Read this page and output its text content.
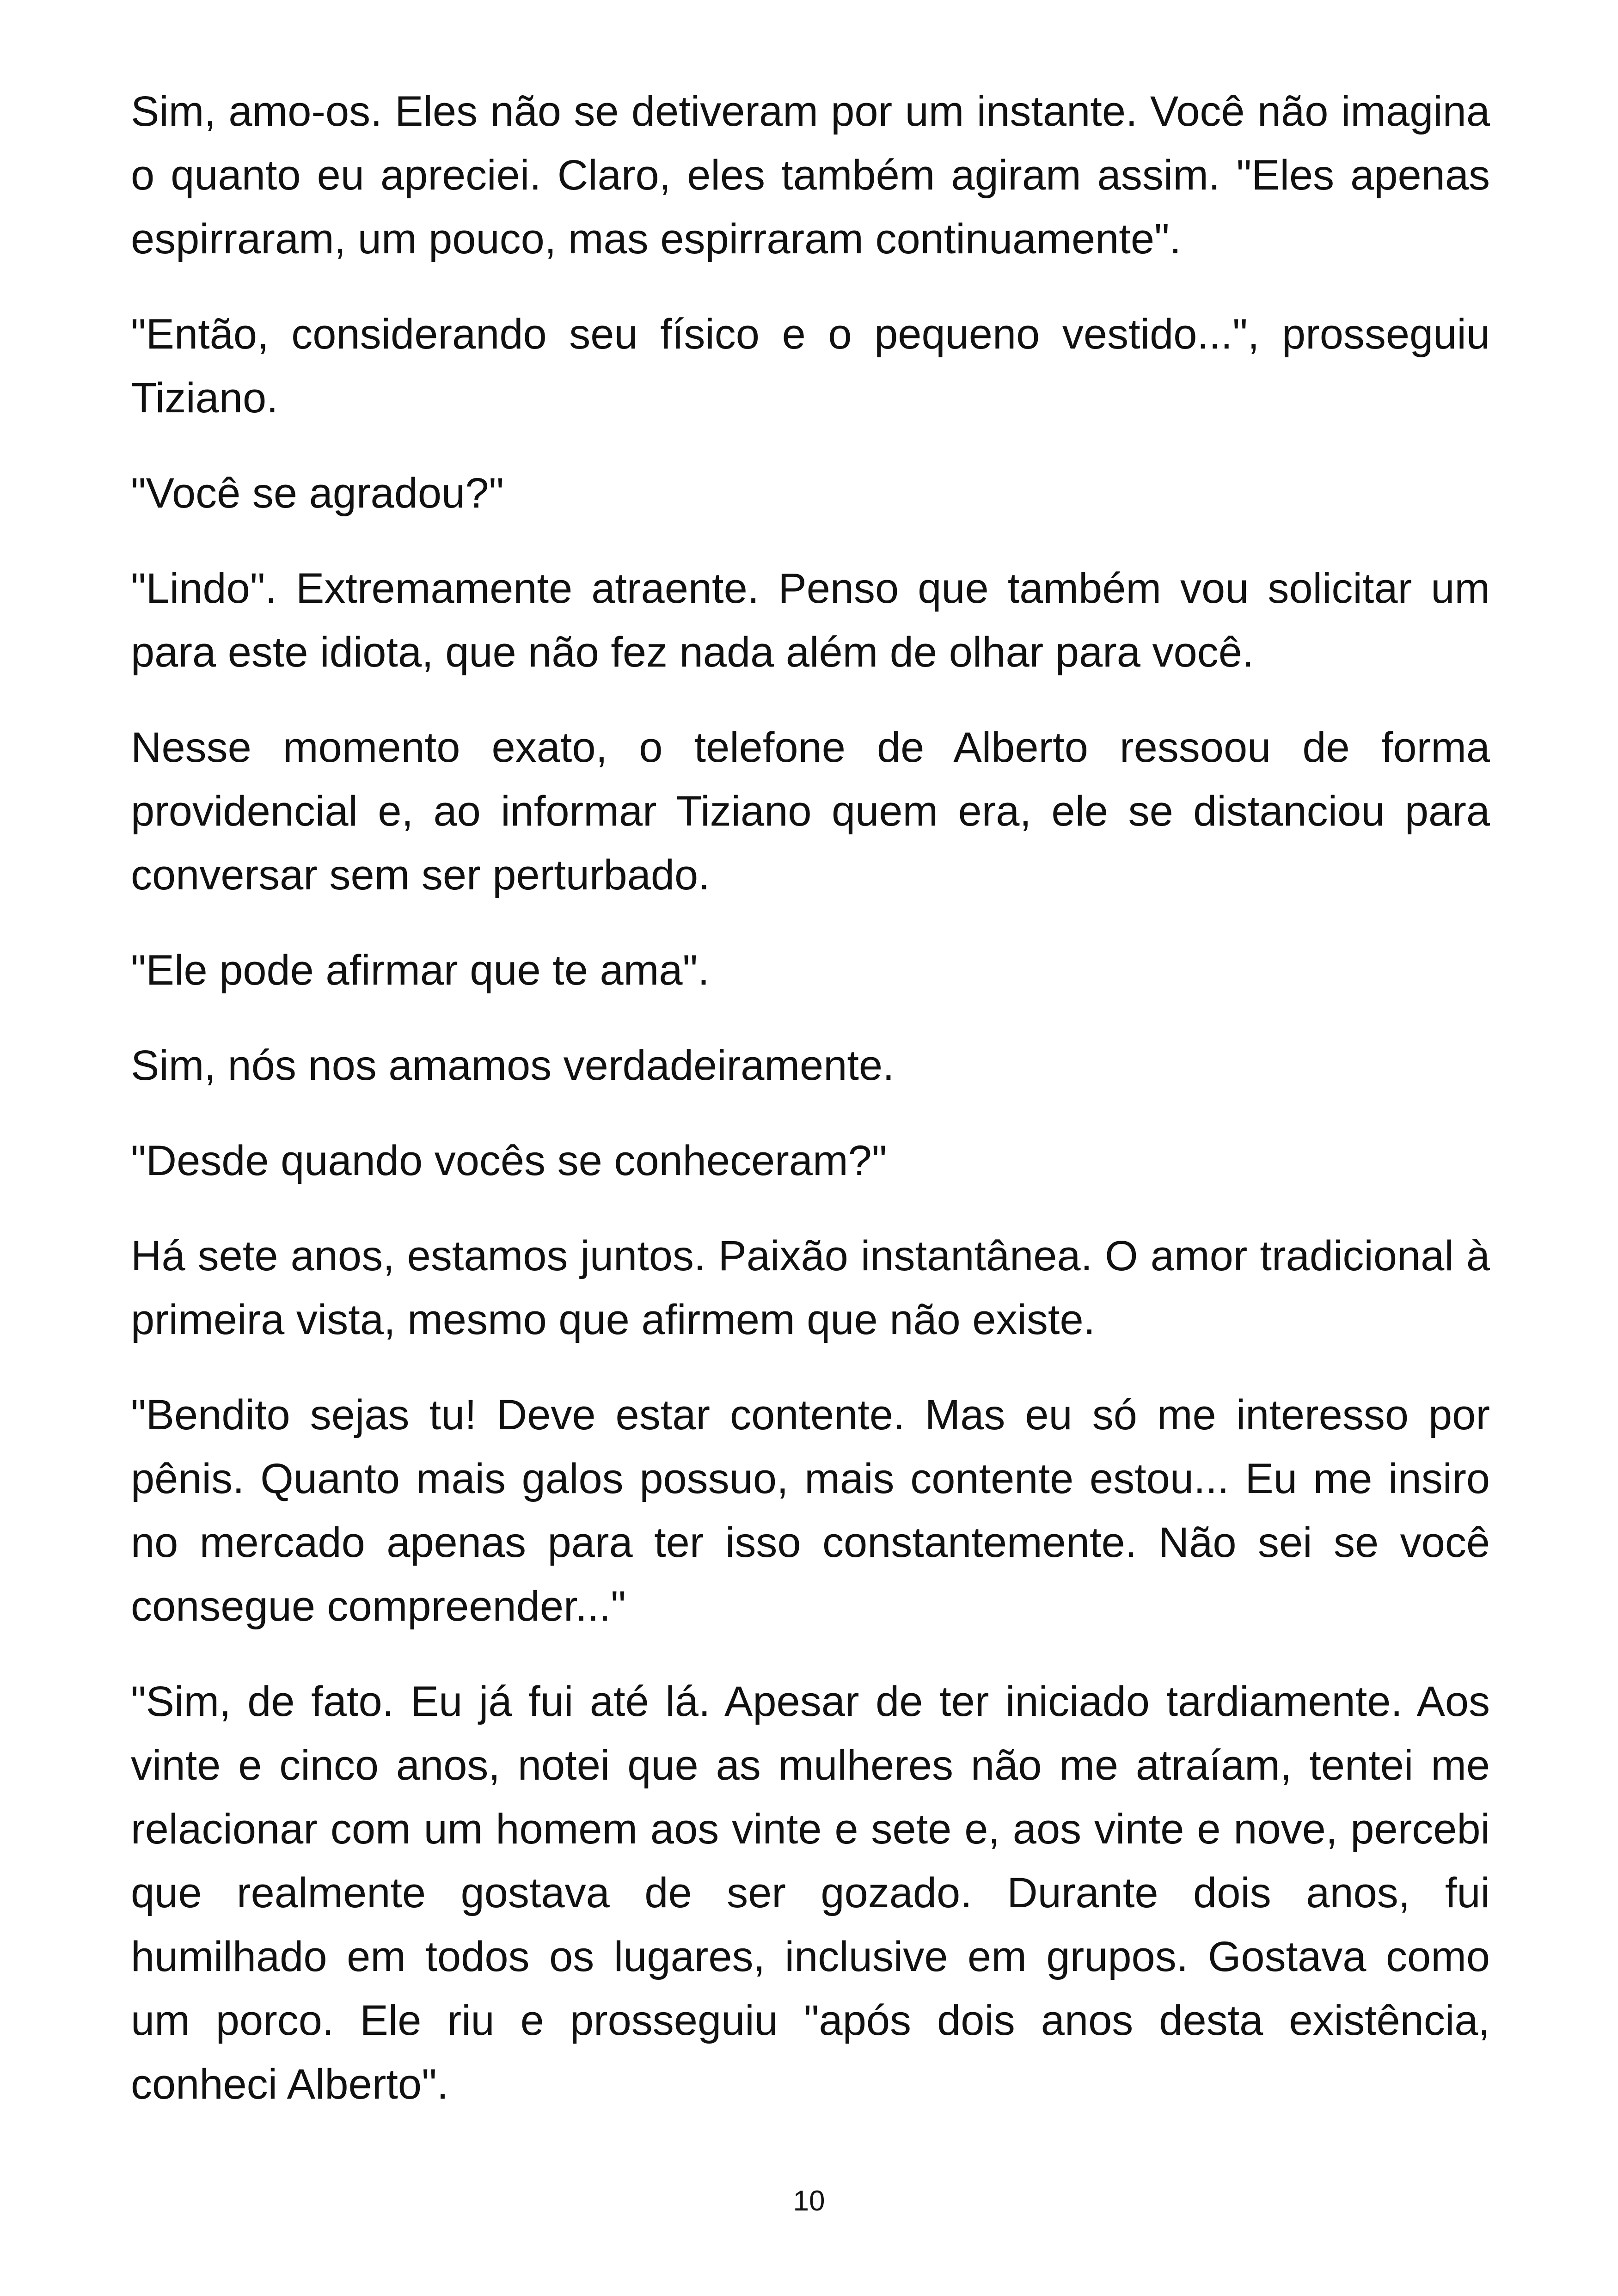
Sim, amo-os. Eles não se detiveram por um instante. Você não imagina o quanto eu apreciei. Claro, eles também agiram assim. "Eles apenas espirraram, um pouco, mas espirraram continuamente".

"Então, considerando seu físico e o pequeno vestido...", prosseguiu Tiziano.

"Você se agradou?"

"Lindo". Extremamente atraente. Penso que também vou solicitar um para este idiota, que não fez nada além de olhar para você.

Nesse momento exato, o telefone de Alberto ressoou de forma providencial e, ao informar Tiziano quem era, ele se distanciou para conversar sem ser perturbado.

"Ele pode afirmar que te ama".

Sim, nós nos amamos verdadeiramente.

"Desde quando vocês se conheceram?"

Há sete anos, estamos juntos. Paixão instantânea. O amor tradicional à primeira vista, mesmo que afirmem que não existe.

"Bendito sejas tu! Deve estar contente. Mas eu só me interesso por pênis. Quanto mais galos possuo, mais contente estou... Eu me insiro no mercado apenas para ter isso constantemente. Não sei se você consegue compreender..."

"Sim, de fato. Eu já fui até lá. Apesar de ter iniciado tardiamente. Aos vinte e cinco anos, notei que as mulheres não me atraíam, tentei me relacionar com um homem aos vinte e sete e, aos vinte e nove, percebi que realmente gostava de ser gozado. Durante dois anos, fui humilhado em todos os lugares, inclusive em grupos. Gostava como um porco. Ele riu e prosseguiu "após dois anos desta existência, conheci Alberto".

10
